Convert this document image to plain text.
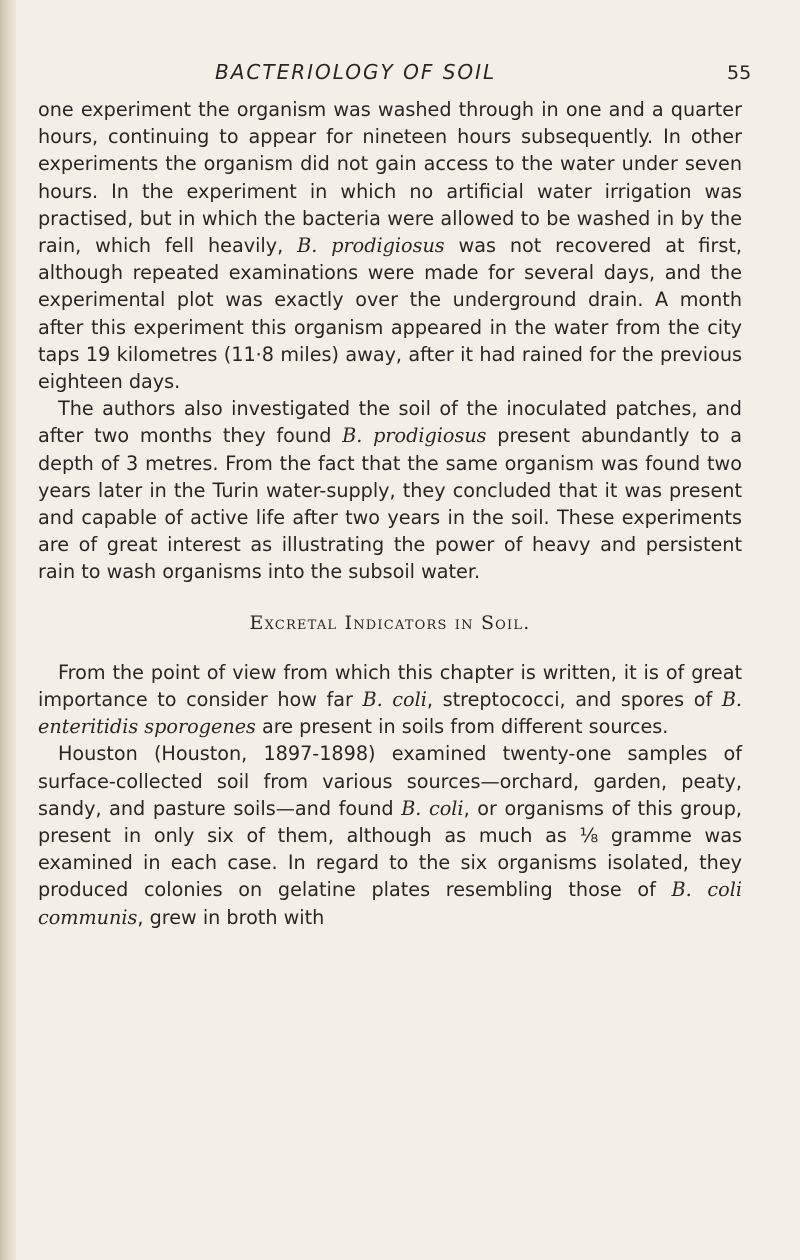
BACTERIOLOGY OF SOIL	55

one experiment the organism was washed through in one and a quarter hours, continuing to appear for nineteen hours subsequently. In other experiments the organism did not gain access to the water under seven hours. In the experiment in which no artificial water irrigation was practised, but in which the bacteria were allowed to be washed in by the rain, which fell heavily, B. prodigiosus was not recovered at first, although repeated examinations were made for several days, and the experimental plot was exactly over the underground drain. A month after this experiment this organism appeared in the water from the city taps 19 kilometres (11·8 miles) away, after it had rained for the previous eighteen days.

The authors also investigated the soil of the inoculated patches, and after two months they found B. prodigiosus present abundantly to a depth of 3 metres. From the fact that the same organism was found two years later in the Turin water-supply, they concluded that it was present and capable of active life after two years in the soil. These experiments are of great interest as illustrating the power of heavy and persistent rain to wash organisms into the subsoil water.

Excretal Indicators in Soil.

From the point of view from which this chapter is written, it is of great importance to consider how far B. coli, streptococci, and spores of B. enteritidis sporogenes are present in soils from different sources.

Houston (Houston, 1897-1898) examined twenty-one samples of surface-collected soil from various sources—orchard, garden, peaty, sandy, and pasture soils—and found B. coli, or organisms of this group, present in only six of them, although as much as ⅛ gramme was examined in each case. In regard to the six organisms isolated, they produced colonies on gelatine plates resembling those of B. coli communis, grew in broth with
